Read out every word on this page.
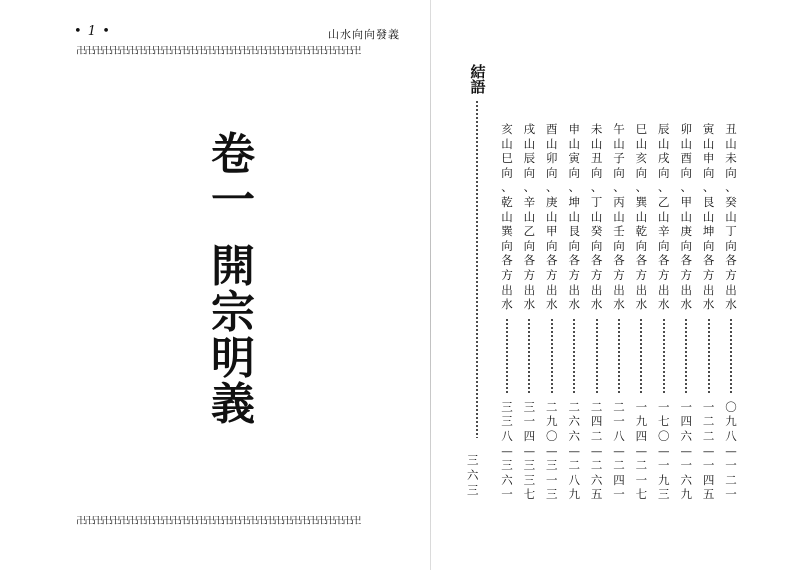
• 1 •	山水向向發義
卍卍卍卍卍卍卍卍卍卍卍卍卍卍卍卍卍卍卍卍卍卍卍卍卍卍卍卍卍卍卍卍卍
卷
一
開
宗
明
義
卍卍卍卍卍卍卍卍卍卍卍卍卍卍卍卍卍卍卍卍卍卍卍卍卍卍卍卍卍卍卍卍卍
結語
三
六
三
丑
山
未
向
、
癸
山
丁
向
各
方
出
水
〇
九
八
—
一
二
一
寅
山
申
向
、
艮
山
坤
向
各
方
出
水
一
二
二
—
一
四
五
卯
山
酉
向
、
甲
山
庚
向
各
方
出
水
一
四
六
—
一
六
九
辰
山
戌
向
、
乙
山
辛
向
各
方
出
水
一
七
〇
—
一
九
三
巳
山
亥
向
、
巽
山
乾
向
各
方
出
水
一
九
四
—
二
一
七
午
山
子
向
、
丙
山
壬
向
各
方
出
水
二
一
八
—
二
四
一
未
山
丑
向
、
丁
山
癸
向
各
方
出
水
二
四
二
—
二
六
五
申
山
寅
向
、
坤
山
艮
向
各
方
出
水
二
六
六
—
二
八
九
酉
山
卯
向
、
庚
山
甲
向
各
方
出
水
二
九
〇
—
三
一
三
戌
山
辰
向
、
辛
山
乙
向
各
方
出
水
三
一
四
—
三
三
七
亥
山
巳
向
、
乾
山
巽
向
各
方
出
水
三
三
八
—
三
六
一
